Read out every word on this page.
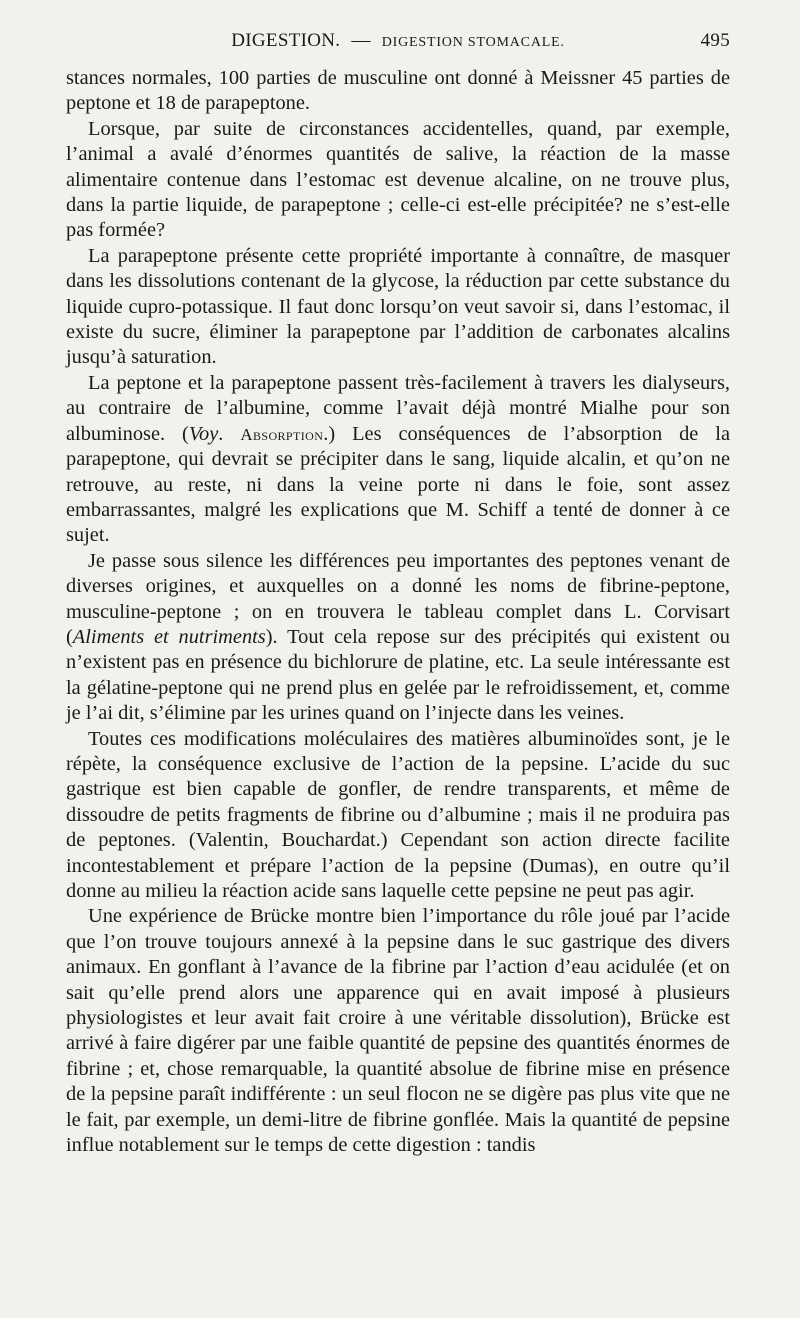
DIGESTION. — DIGESTION STOMACALE.	495

stances normales, 100 parties de musculine ont donné à Meissner 45 parties de peptone et 18 de parapeptone.

Lorsque, par suite de circonstances accidentelles, quand, par exemple, l’animal a avalé d’énormes quantités de salive, la réaction de la masse alimentaire contenue dans l’estomac est devenue alcaline, on ne trouve plus, dans la partie liquide, de parapeptone ; celle-ci est-elle précipitée? ne s’est-elle pas formée?

La parapeptone présente cette propriété importante à connaître, de masquer dans les dissolutions contenant de la glycose, la réduction par cette substance du liquide cupro-potassique. Il faut donc lorsqu’on veut savoir si, dans l’estomac, il existe du sucre, éliminer la parapeptone par l’addition de carbonates alcalins jusqu’à saturation.

La peptone et la parapeptone passent très-facilement à travers les dialyseurs, au contraire de l’albumine, comme l’avait déjà montré Mialhe pour son albuminose. (Voy. Absorption.) Les conséquences de l’absorption de la parapeptone, qui devrait se précipiter dans le sang, liquide alcalin, et qu’on ne retrouve, au reste, ni dans la veine porte ni dans le foie, sont assez embarrassantes, malgré les explications que M. Schiff a tenté de donner à ce sujet.

Je passe sous silence les différences peu importantes des peptones venant de diverses origines, et auxquelles on a donné les noms de fibrine-peptone, musculine-peptone ; on en trouvera le tableau complet dans L. Corvisart (Aliments et nutriments). Tout cela repose sur des précipités qui existent ou n’existent pas en présence du bichlorure de platine, etc. La seule intéressante est la gélatine-peptone qui ne prend plus en gelée par le refroidissement, et, comme je l’ai dit, s’élimine par les urines quand on l’injecte dans les veines.

Toutes ces modifications moléculaires des matières albuminoïdes sont, je le répète, la conséquence exclusive de l’action de la pepsine. L’acide du suc gastrique est bien capable de gonfler, de rendre transparents, et même de dissoudre de petits fragments de fibrine ou d’albumine ; mais il ne produira pas de peptones. (Valentin, Bouchardat.) Cependant son action directe facilite incontestablement et prépare l’action de la pepsine (Dumas), en outre qu’il donne au milieu la réaction acide sans laquelle cette pepsine ne peut pas agir.

Une expérience de Brücke montre bien l’importance du rôle joué par l’acide que l’on trouve toujours annexé à la pepsine dans le suc gastrique des divers animaux. En gonflant à l’avance de la fibrine par l’action d’eau acidulée (et on sait qu’elle prend alors une apparence qui en avait imposé à plusieurs physiologistes et leur avait fait croire à une véritable dissolution), Brücke est arrivé à faire digérer par une faible quantité de pepsine des quantités énormes de fibrine ; et, chose remarquable, la quantité absolue de fibrine mise en présence de la pepsine paraît indifférente : un seul flocon ne se digère pas plus vite que ne le fait, par exemple, un demi-litre de fibrine gonflée. Mais la quantité de pepsine influe notablement sur le temps de cette digestion : tandis
